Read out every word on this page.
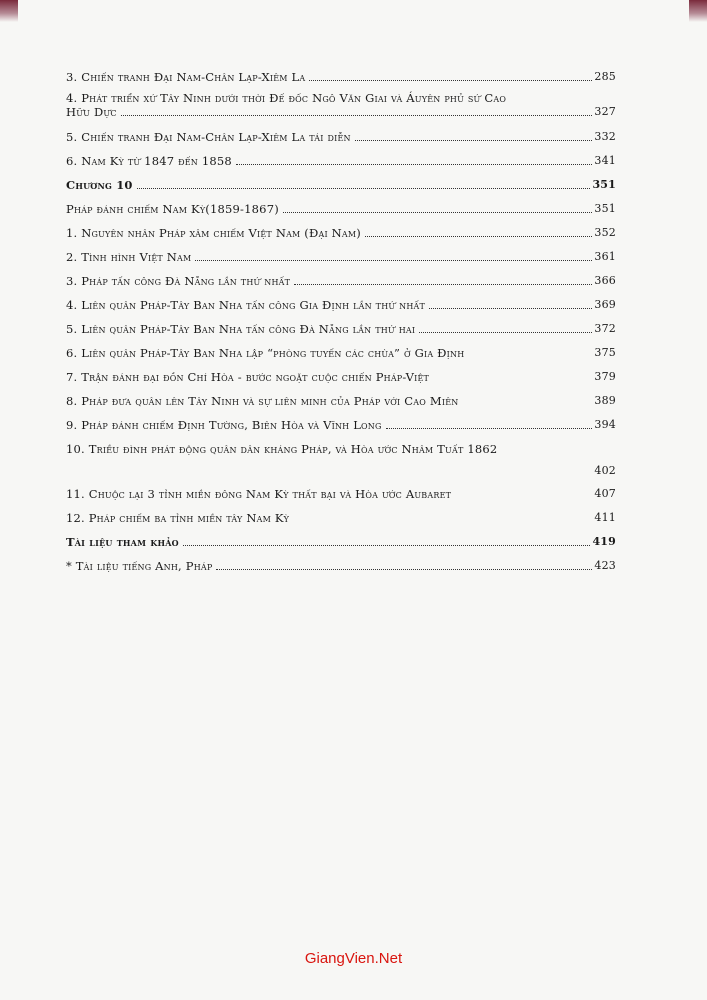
3. Chiến tranh Đại Nam-Chân Lạp-Xiêm La	285
4. Phát triển xứ Tây Ninh dưới thời Đế đốc Ngô Văn Giai và Áuyên phủ sứ Cao
Hữu Dực	327
5. Chiến tranh Đại Nam-Chân Lạp-Xiêm La tái diễn	332
6. Nam Kỳ từ 1847 đến 1858	341
Chương 10	351
Pháp đánh chiếm Nam Kỳ(1859-1867)	351
1. Nguyên nhân Pháp xâm chiếm Việt Nam (Đại Nam)	352
2. Tình hình Việt Nam	361
3. Pháp tấn công Đà Nẵng lần thứ nhất	366
4. Liên quân Pháp-Tây Ban Nha tấn công Gia Định lần thứ nhất	369
5. Liên quân Pháp-Tây Ban Nha tấn công Đà Nẵng lần thứ hai	372
6. Liên quân Pháp-Tây Ban Nha lập “phòng tuyến các chùa” ở Gia Định	375
7. Trận đánh đại đồn Chí Hòa - bước ngoặt cuộc chiến Pháp-Việt	379
8. Pháp đưa quân lên Tây Ninh và sự liên minh của Pháp với Cao Miên	389
9. Pháp đánh chiếm Định Tường, Biên Hòa và Vĩnh Long	394
10. Triều đình phát động quân dân kháng Pháp, và Hòa ước Nhâm Tuất 1862
402
11. Chuộc lại 3 tỉnh miền đông Nam Kỳ thất bại và Hòa ước Aubaret	407
12. Pháp chiếm ba tỉnh miền tây Nam Kỳ	411
Tài liệu tham khảo	419
* Tài liệu tiếng Anh, Pháp	423
GiangVien.Net
